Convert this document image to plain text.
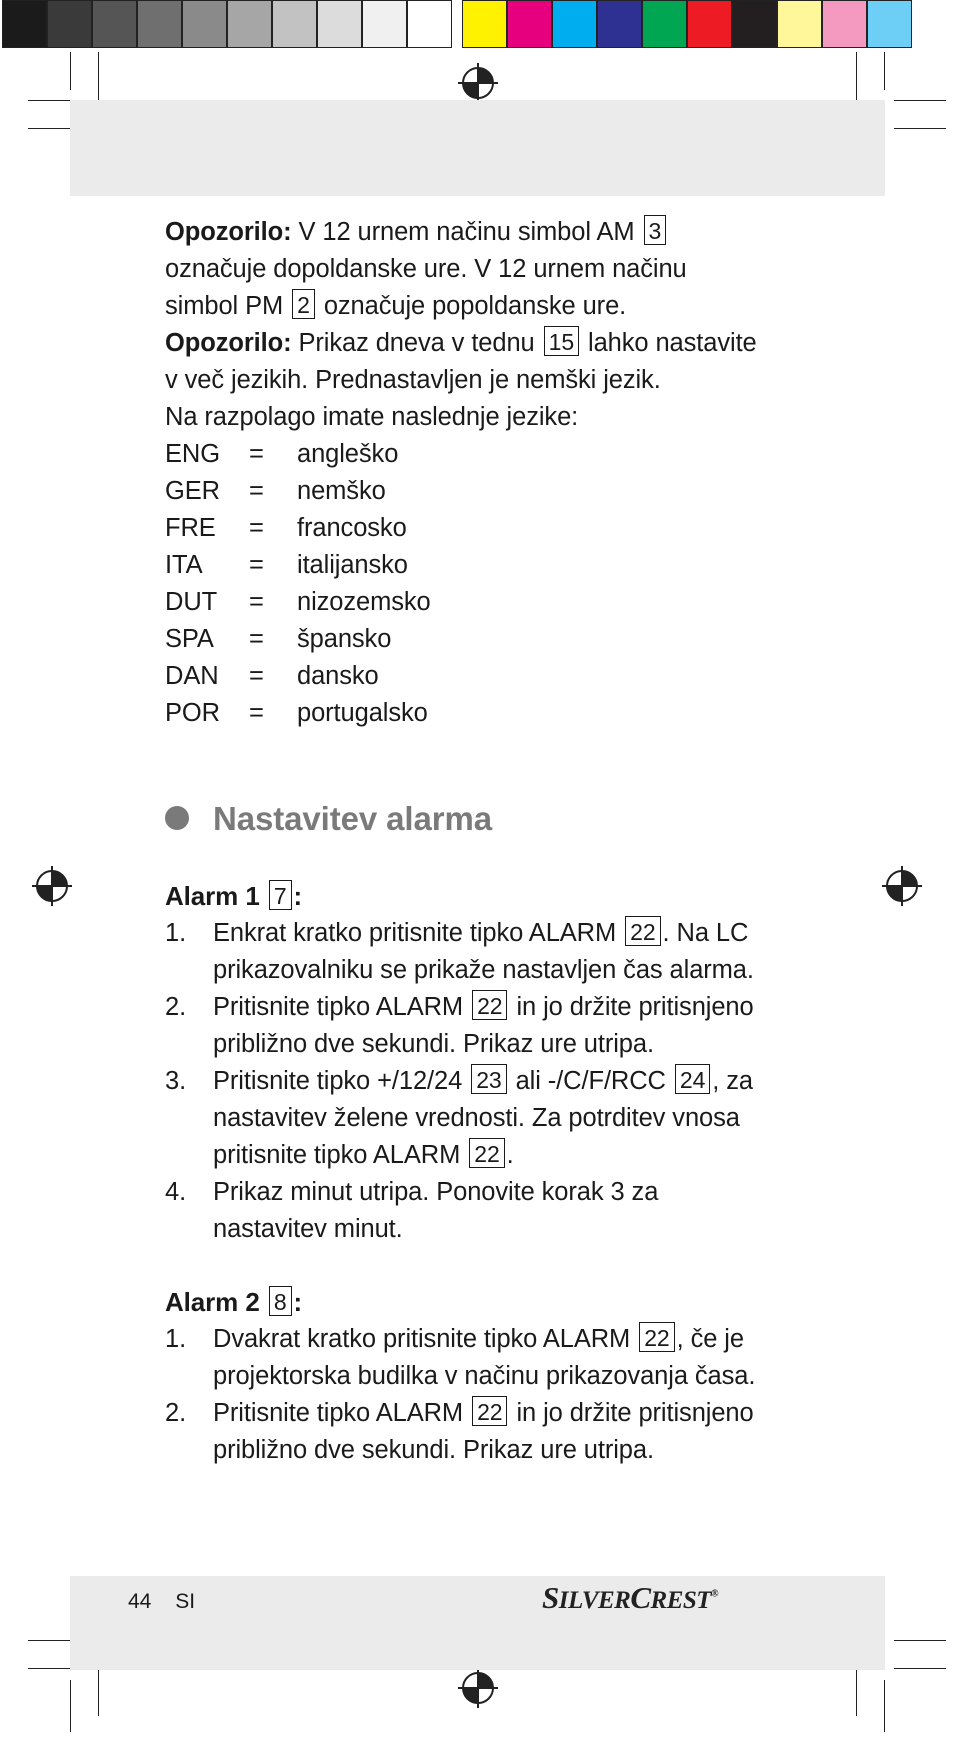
Opozorilo: V 12 urnem načinu simbol AM 3 označuje dopoldanske ure. V 12 urnem načinu simbol PM 2 označuje popoldanske ure.

Opozorilo: Prikaz dneva v tednu 15 lahko nastavite v več jezikih. Prednastavljen je nemški jezik.

Na razpolago imate naslednje jezike:

ENG	=	angleško
GER	=	nemško
FRE	=	francosko
ITA	=	italijansko
DUT	=	nizozemsko
SPA	=	špansko
DAN	=	dansko
POR	=	portugalsko
Nastavitev alarma

Alarm 1 7 :

1.	Enkrat kratko pritisnite tipko ALARM 22 . Na LC prikazovalniku se prikaže nastavljen čas alarma.
2.	Pritisnite tipko ALARM 22 in jo držite pritisnjeno približno dve sekundi. Prikaz ure utripa.
3.	Pritisnite tipko +/12/24 23 ali -/C/F/RCC 24 , za nastavitev želene vrednosti. Za potrditev vnosa pritisnite tipko ALARM 22 .
4.	Prikaz minut utripa. Ponovite korak 3 za nastavitev minut.

Alarm 2 8 :

1.	Dvakrat kratko pritisnite tipko ALARM 22 , če je projektorska budilka v načinu prikazovanja časa.
2.	Pritisnite tipko ALARM 22 in jo držite pritisnjeno približno dve sekundi. Prikaz ure utripa.
44 SI	SILVERCREST®
